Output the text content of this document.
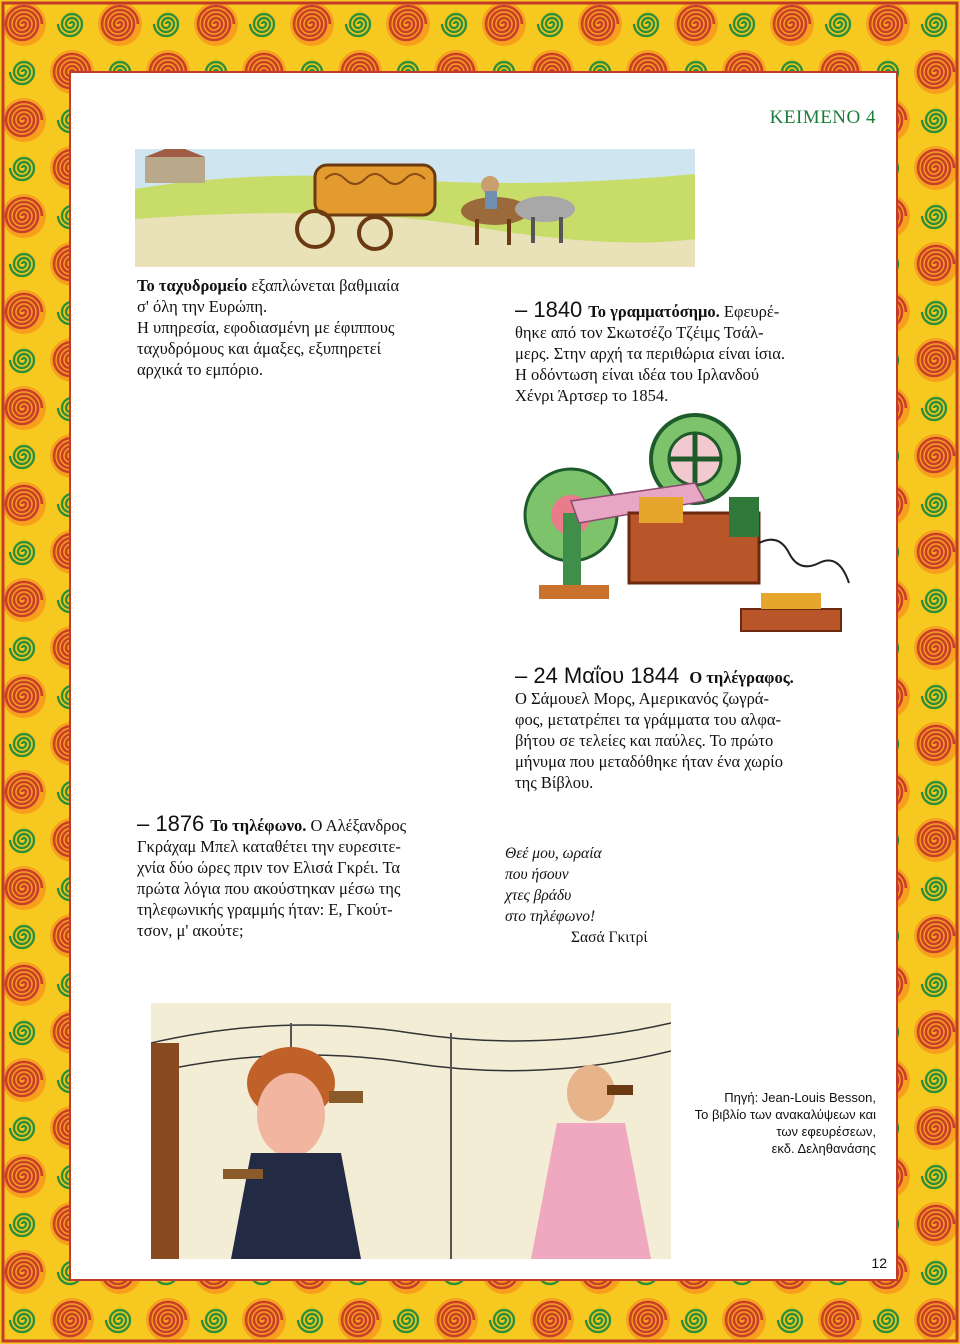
ΚΕΙΜΕΝΟ 4
Το ταχυδρομείο εξαπλώνεται βαθμιαία
σ' όλη την Ευρώπη.
Η υπηρεσία, εφοδιασμένη με έφιππους
ταχυδρόμους και άμαξες, εξυπηρετεί
αρχικά το εμπόριο.
– 1840 Το γραμματόσημο. Εφευρέ-
θηκε από τον Σκωτσέζο Τζέιμς Τσάλ-
μερς. Στην αρχή τα περιθώρια είναι ίσια.
Η οδόντωση είναι ιδέα του Ιρλανδού
Χένρι Άρτσερ το 1854.
– 24 Μαΐου 1844 Ο τηλέγραφος.
Ο Σάμουελ Μορς, Αμερικανός ζωγρά-
φος, μετατρέπει τα γράμματα του αλφα-
βήτου σε τελείες και παύλες. Το πρώτο
μήνυμα που μεταδόθηκε ήταν ένα χωρίο
της Βίβλου.
– 1876 Το τηλέφωνο. Ο Αλέξανδρος
Γκράχαμ Μπελ καταθέτει την ευρεσιτε-
χνία δύο ώρες πριν τον Ελισά Γκρέι. Τα
πρώτα λόγια που ακούστηκαν μέσω της
τηλεφωνικής γραμμής ήταν: Ε, Γκούτ-
τσον, μ' ακούτε;
Θεέ μου, ωραία
που ήσουν
χτες βράδυ
στο τηλέφωνο!
Σασά Γκιτρί
Πηγή: Jean-Louis Besson,
Το βιβλίο των ανακαλύψεων και
των εφευρέσεων,
εκδ. Δεληθανάσης
12
